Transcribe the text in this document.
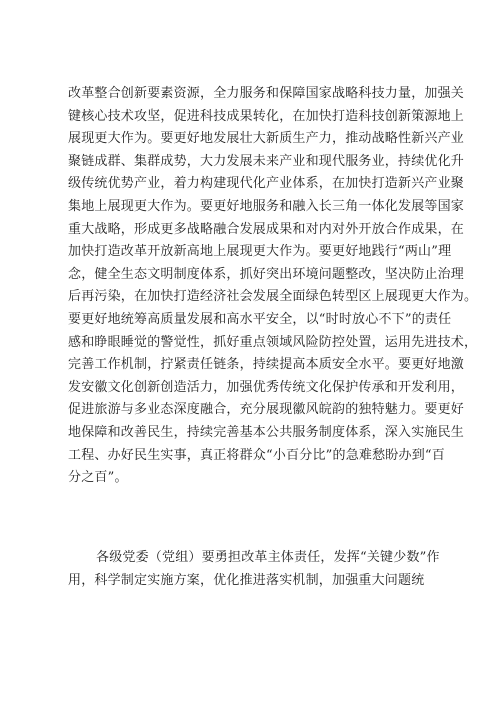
改革整合创新要素资源，全力服务和保障国家战略科技力量，加强关
键核心技术攻坚，促进科技成果转化，在加快打造科技创新策源地上
展现更大作为。要更好地发展壮大新质生产力，推动战略性新兴产业
聚链成群、集群成势，大力发展未来产业和现代服务业，持续优化升
级传统优势产业，着力构建现代化产业体系，在加快打造新兴产业聚
集地上展现更大作为。要更好地服务和融入长三角一体化发展等国家
重大战略，形成更多战略融合发展成果和对内对外开放合作成果，在
加快打造改革开放新高地上展现更大作为。要更好地践行“两山”理
念，健全生态文明制度体系，抓好突出环境问题整改，坚决防止治理
后再污染，在加快打造经济社会发展全面绿色转型区上展现更大作为。
要更好地统筹高质量发展和高水平安全，以“时时放心不下”的责任
感和睁眼睡觉的警觉性，抓好重点领域风险防控处置，运用先进技术，
完善工作机制，拧紧责任链条，持续提高本质安全水平。要更好地激
发安徽文化创新创造活力，加强优秀传统文化保护传承和开发利用，
促进旅游与多业态深度融合，充分展现徽风皖韵的独特魅力。要更好
地保障和改善民生，持续完善基本公共服务制度体系，深入实施民生
工程、办好民生实事，真正将群众“小百分比”的急难愁盼办到“百
分之百”。
各级党委（党组）要勇担改革主体责任，发挥“关键少数”作
用，科学制定实施方案，优化推进落实机制，加强重大问题统
